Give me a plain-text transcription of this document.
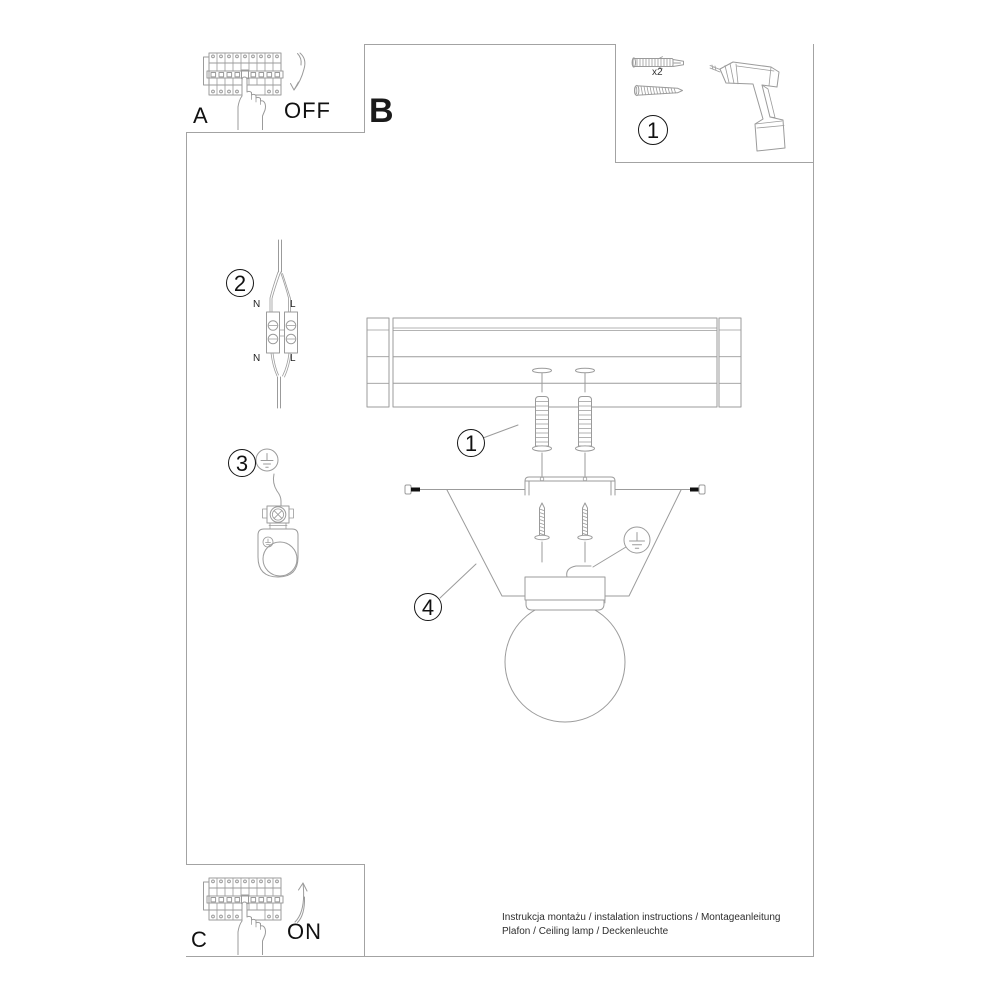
A	OFF B
1
x2
N	L
N	L
1
4
2
3
C	ON
Instrukcja montażu / instalation instructions / Montageanleitung
Plafon / Ceiling lamp / Deckenleuchte
